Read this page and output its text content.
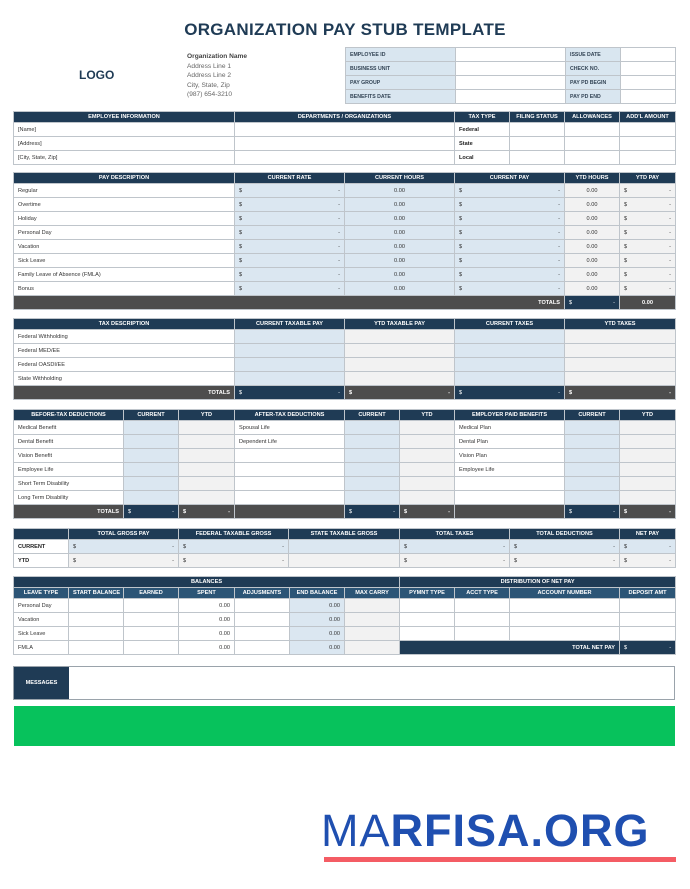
ORGANIZATION PAY STUB TEMPLATE
LOGO
Organization Name
Address Line 1
Address Line 2
City, State, Zip
(987) 654-3210
EMPLOYEE ID		ISSUE DATE	
BUSINESS UNIT		CHECK NO.	
PAY GROUP		PAY PD BEGIN	
BENEFITS DATE		PAY PD END	
EMPLOYEE INFORMATION	DEPARTMENTS / ORGANIZATIONS	TAX TYPE	FILING STATUS	ALLOWANCES	ADD'L AMOUNT
[Name]		Federal			
[Address]		State			
[City, State, Zip]		Local			
PAY DESCRIPTION	CURRENT RATE	CURRENT HOURS	CURRENT PAY	YTD HOURS	YTD PAY	
Regular	$ -	0.00	$ -	0.00	$ -	

Overtime	$ -	0.00	$ -	0.00	$ -	

Holiday	$ -	0.00	$ -	0.00	$ -	

Personal Day	$ -	0.00	$ -	0.00	$ -	

Vacation	$ -	0.00	$ -	0.00	$ -	

Sick Leave	$ -	0.00	$ -	0.00	$ -	

Family Leave of Absence (FMLA)	$ -	0.00	$ -	0.00	$ -	

Bonus	$ -	0.00	$ -	0.00	$ -	

			TOTALS	$ -	0.00	
TAX DESCRIPTION	CURRENT TAXABLE PAY	YTD TAXABLE PAY	CURRENT TAXES	YTD TAXES
Federal Withholding				
Federal MED/EE				
Federal OASDI/EE				
State Withholding				
TOTALS	$ -	$ -	$ -	$ -
BEFORE-TAX DEDUCTIONS	CURRENT	YTD	AFTER-TAX DEDUCTIONS	CURRENT	YTD	EMPLOYER PAID BENEFITS	CURRENT	YTD
Medical Benefit			Spousal Life			Medical Plan		
Dental Benefit			Dependent Life			Dental Plan		
Vision Benefit						Vision Plan		
Employee Life						Employee Life		
Short Term Disability								
Long Term Disability								
TOTALS	$ -	$ -		$ -	$ -		$ -	$ -
	TOTAL GROSS PAY	FEDERAL TAXABLE GROSS	STATE TAXABLE GROSS	TOTAL TAXES	TOTAL DEDUCTIONS	NET PAY
CURRENT	$ -	$ -		$ -	$ -	$ -

YTD	$ -	$ -		$ -	$ -	$ -
BALANCES							DISTRIBUTION OF NET PAY			
LEAVE TYPE	START BALANCE	EARNED	SPENT	ADJUSMENTS	END BALANCE	MAX CARRY	PYMNT TYPE	ACCT TYPE	ACCOUNT NUMBER	DEPOSIT AMT
Personal Day			0.00		0.00					
Vacation			0.00		0.00					
Sick Leave			0.00		0.00					
FMLA			0.00		0.00		TOTAL NET PAY			$ -
MESSAGES
MARFISA.ORG
